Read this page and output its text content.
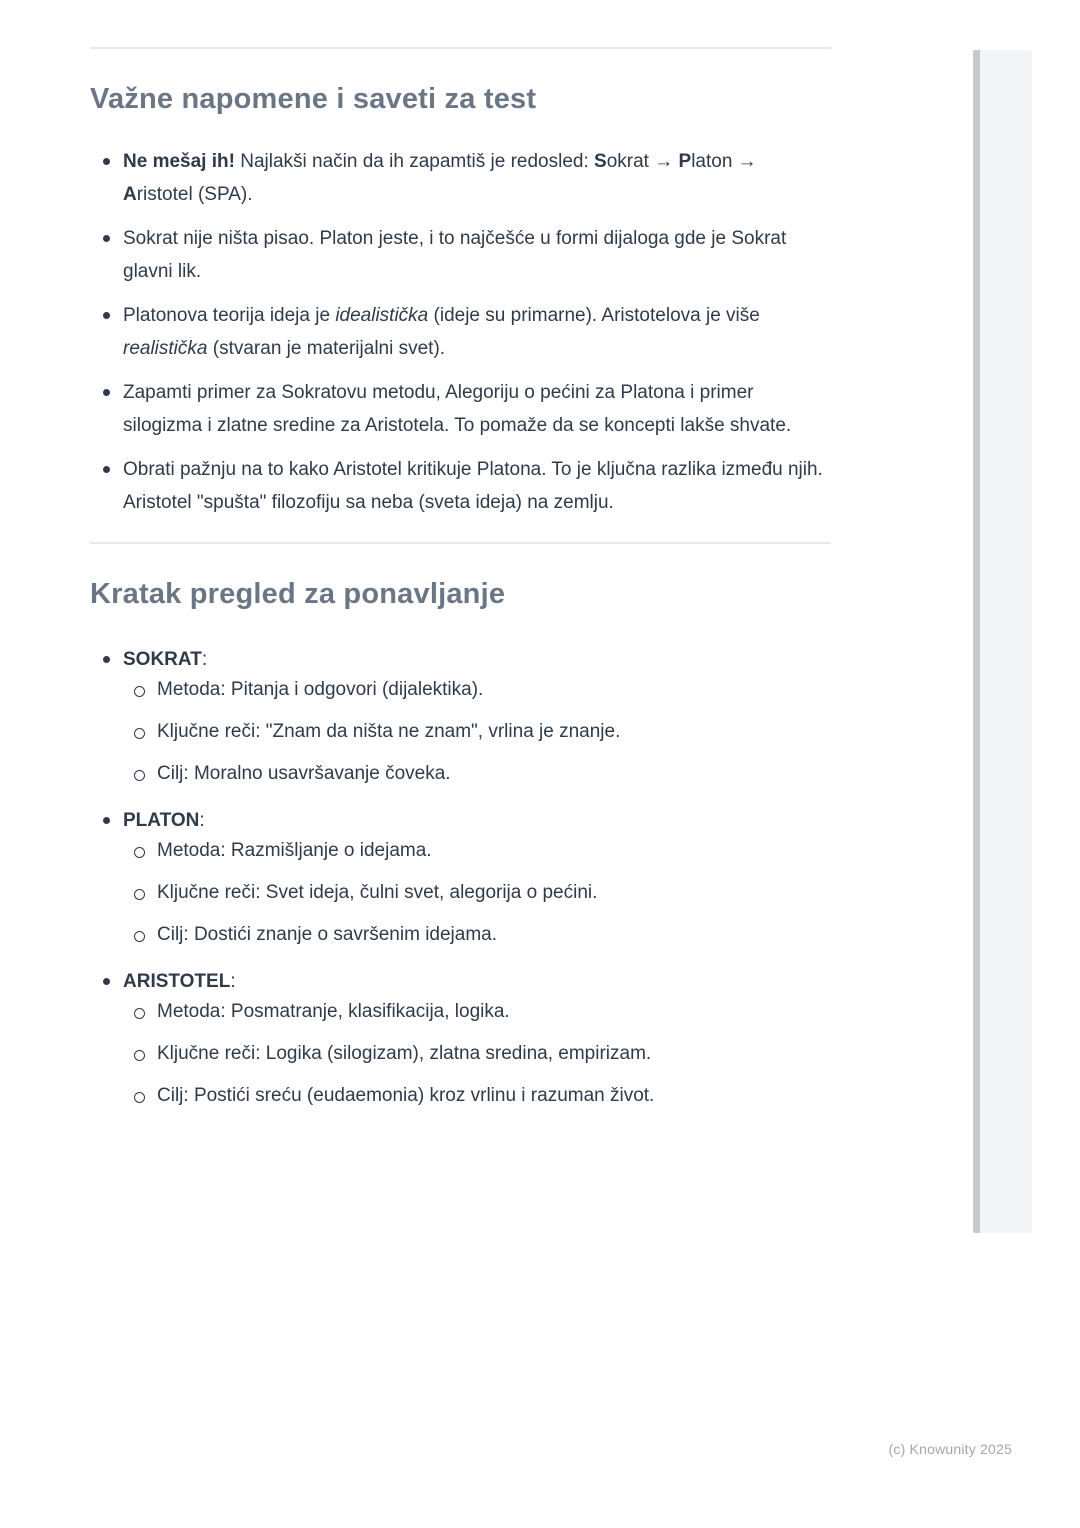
Važne napomene i saveti za test
Ne mešaj ih! Najlakši način da ih zapamtiš je redosled: Sokrat → Platon → Aristotel (SPA).
Sokrat nije ništa pisao. Platon jeste, i to najčešće u formi dijaloga gde je Sokrat glavni lik.
Platonova teorija ideja je idealistička (ideje su primarne). Aristotelova je više realistička (stvaran je materijalni svet).
Zapamti primer za Sokratovu metodu, Alegoriju o pećini za Platona i primer silogizma i zlatne sredine za Aristotela. To pomaže da se koncepti lakše shvate.
Obrati pažnju na to kako Aristotel kritikuje Platona. To je ključna razlika između njih. Aristotel "spušta" filozofiju sa neba (sveta ideja) na zemlju.
Kratak pregled za ponavljanje
SOKRAT:
Metoda: Pitanja i odgovori (dijalektika).
Ključne reči: "Znam da ništa ne znam", vrlina je znanje.
Cilj: Moralno usavršavanje čoveka.
PLATON:
Metoda: Razmišljanje o idejama.
Ključne reči: Svet ideja, čulni svet, alegorija o pećini.
Cilj: Dostići znanje o savršenim idejama.
ARISTOTEL:
Metoda: Posmatranje, klasifikacija, logika.
Ključne reči: Logika (silogizam), zlatna sredina, empirizam.
Cilj: Postići sreću (eudaemonia) kroz vrlinu i razuman život.
(c) Knowunity 2025
